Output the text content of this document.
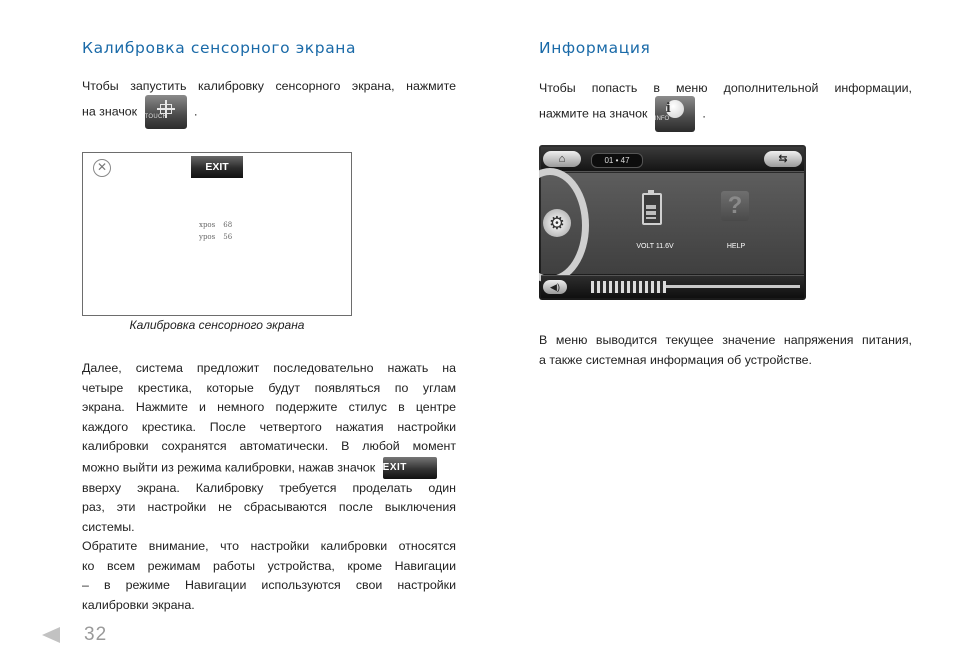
Калибровка сенсорного экрана
Чтобы запустить калибровку сенсорного экрана, нажмите
на значок TOUCH	.
✕	EXIT
xpos 68
ypos 56
Калибровка сенсорного экрана
Далее, система предложит последовательно нажать на
четыре крестика, которые будут появляться по углам
экрана. Нажмите и немного подержите стилус в центре
каждого крестика. После четвертого нажатия настройки
калибровки сохранятся автоматически. В любой момент
можно выйти из режима калибровки, нажав значок EXIT
вверху экрана. Калибровку требуется проделать один
раз, эти настройки не сбрасываются после выключения
системы.
Обратите внимание, что настройки калибровки относятся
ко всем режимам работы устройства, кроме Навигации
– в режиме Навигации используются свои настройки
калибровки экрана.
Информация
Чтобы попасть в меню дополнительной информации,
нажмите на значок i
INFO	.
⌂	01 • 47	⇆
⚙
VOLT 11.6V
?
HELP
◀)
В меню выводится текущее значение напряжения питания,
а также системная информация об устройстве.
32
